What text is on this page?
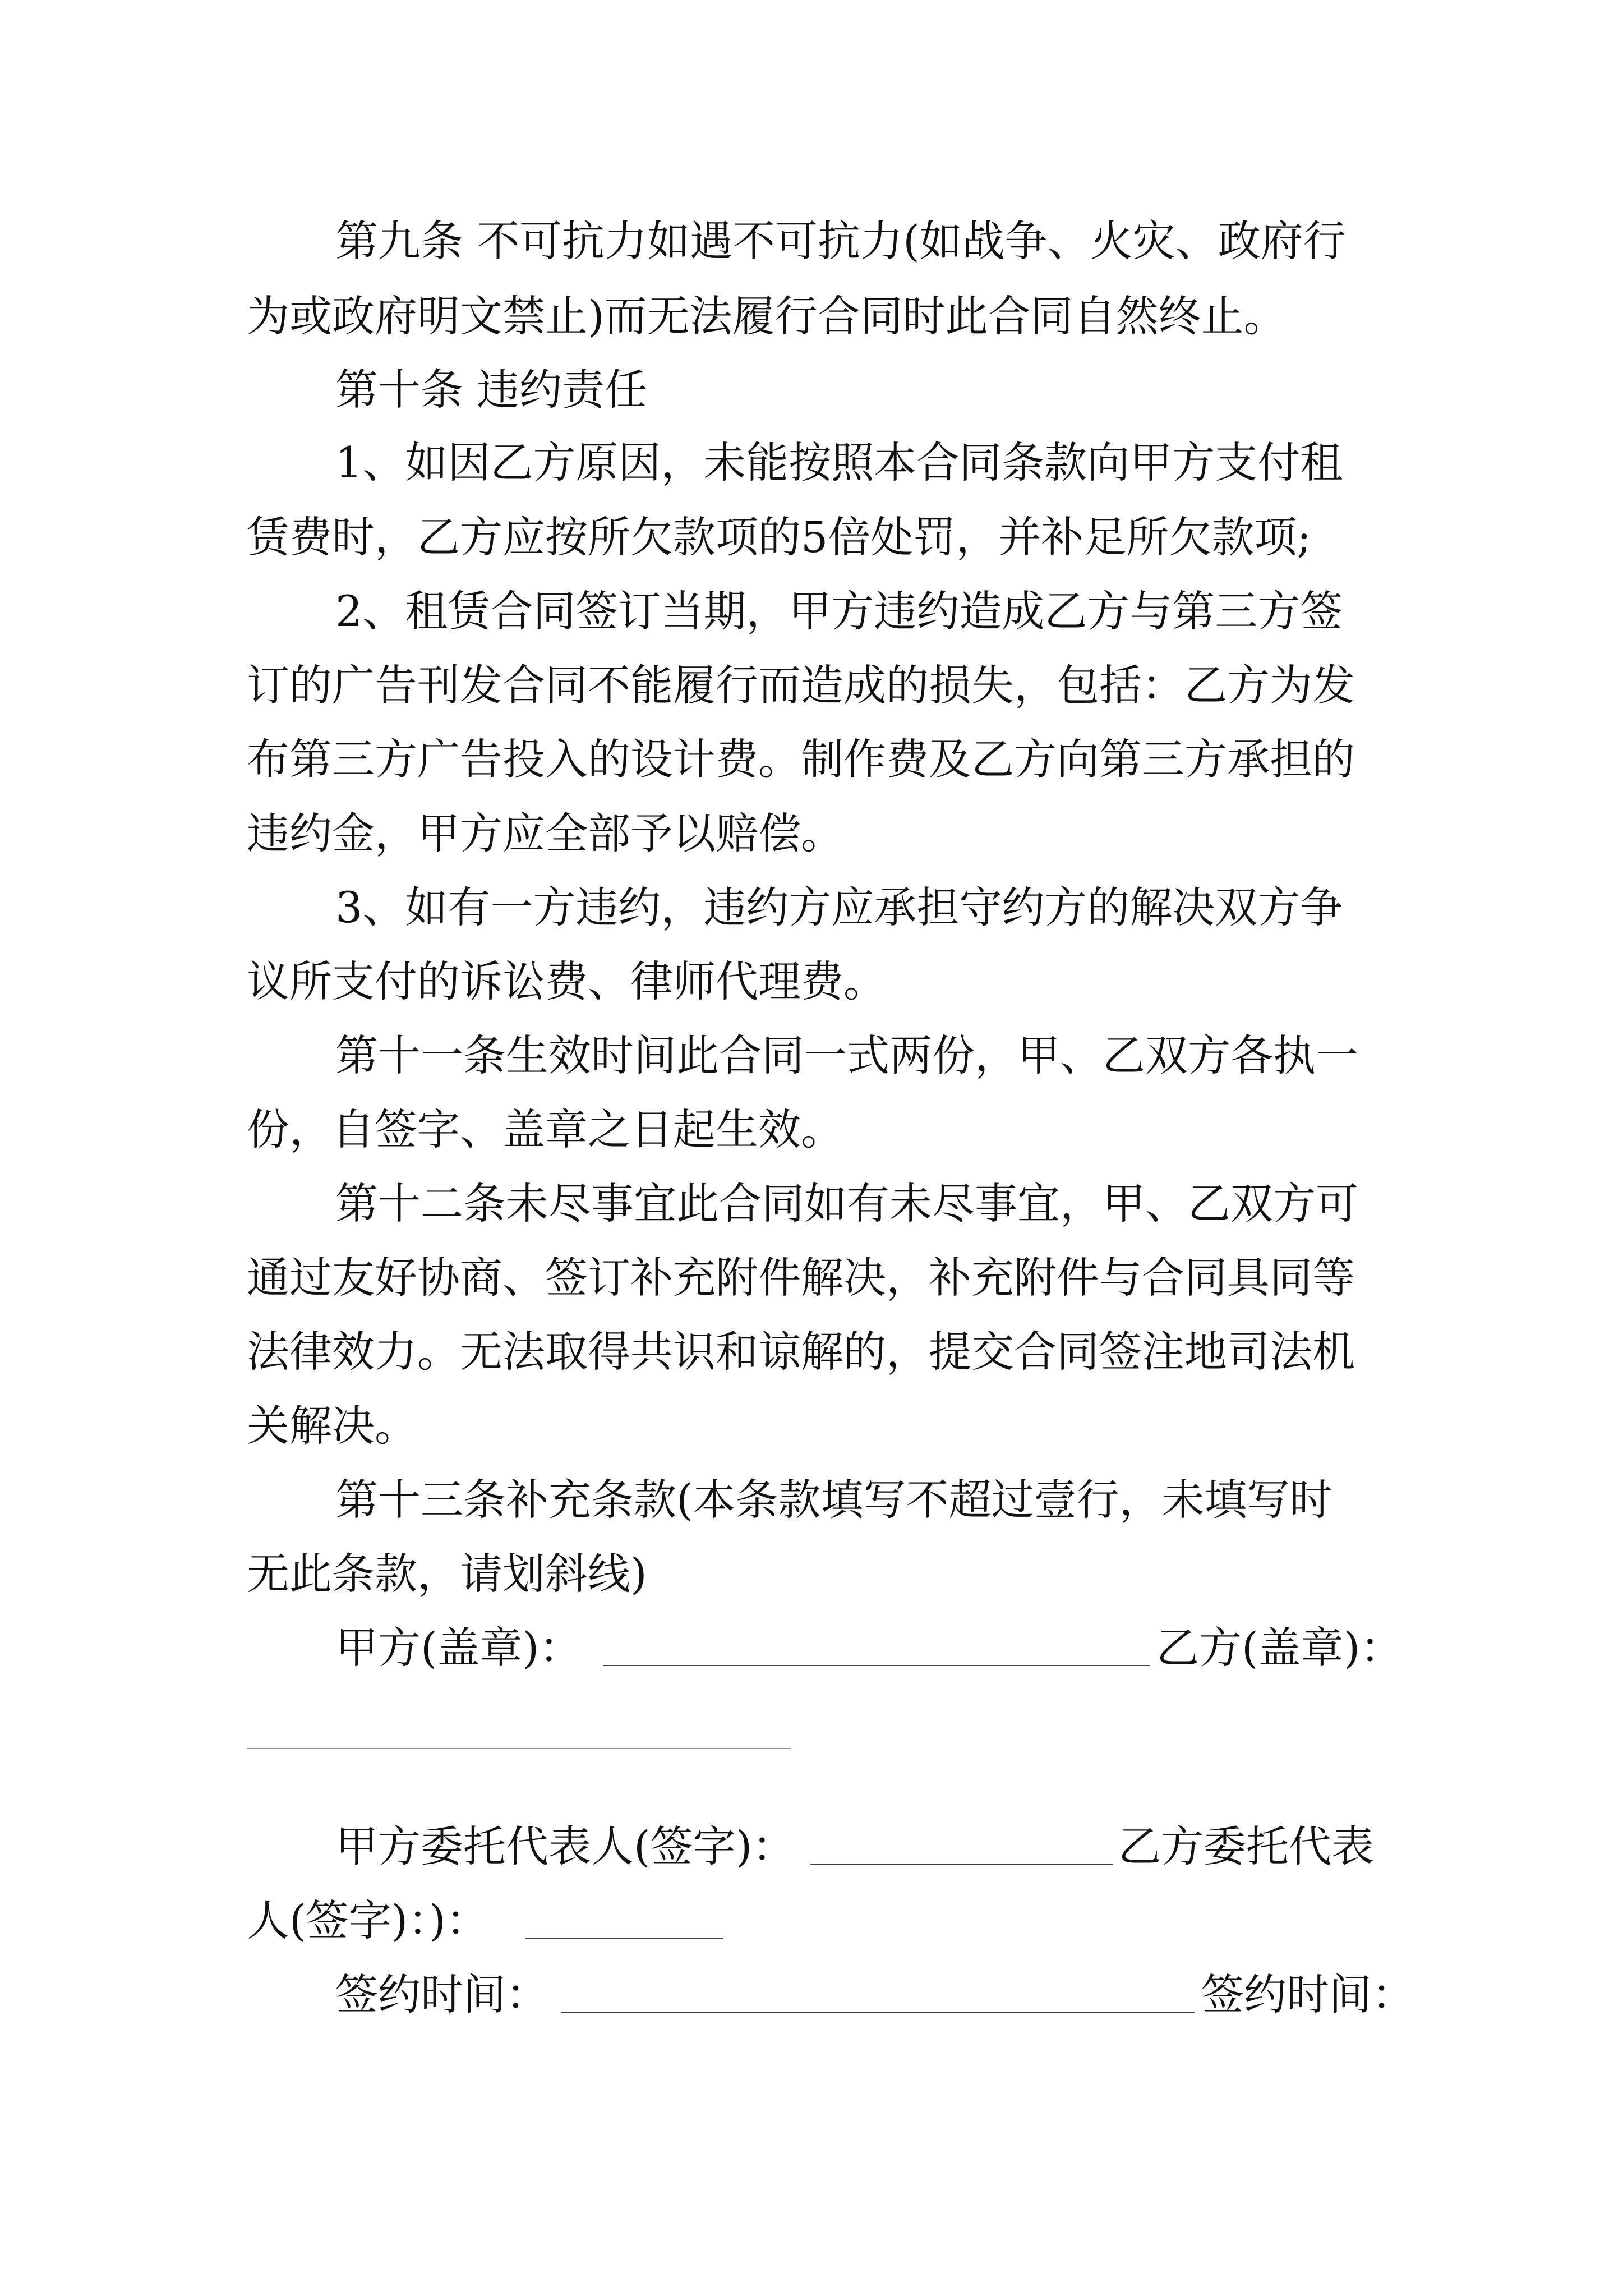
第九条 不可抗力如遇不可抗力(如战争、火灾、政府行
为或政府明文禁止)而无法履行合同时此合同自然终止。
第十条 违约责任
1、如因乙方原因，未能按照本合同条款向甲方支付租
赁费时，乙方应按所欠款项的5倍处罚，并补足所欠款项;
2、租赁合同签订当期，甲方违约造成乙方与第三方签
订的广告刊发合同不能履行而造成的损失，包括：乙方为发
布第三方广告投入的设计费。制作费及乙方向第三方承担的
违约金，甲方应全部予以赔偿。
3、如有一方违约，违约方应承担守约方的解决双方争
议所支付的诉讼费、律师代理费。
第十一条生效时间此合同一式两份，甲、乙双方各执一
份，自签字、盖章之日起生效。
第十二条未尽事宜此合同如有未尽事宜，甲、乙双方可
通过友好协商、签订补充附件解决，补充附件与合同具同等
法律效力。无法取得共识和谅解的，提交合同签注地司法机
关解决。
第十三条补充条款(本条款填写不超过壹行，未填写时
无此条款，请划斜线)
甲方(盖章)：	乙方(盖章)：
甲方委托代表人(签字)：	乙方委托代表
人(签字)：)：
签约时间：	签约时间：
